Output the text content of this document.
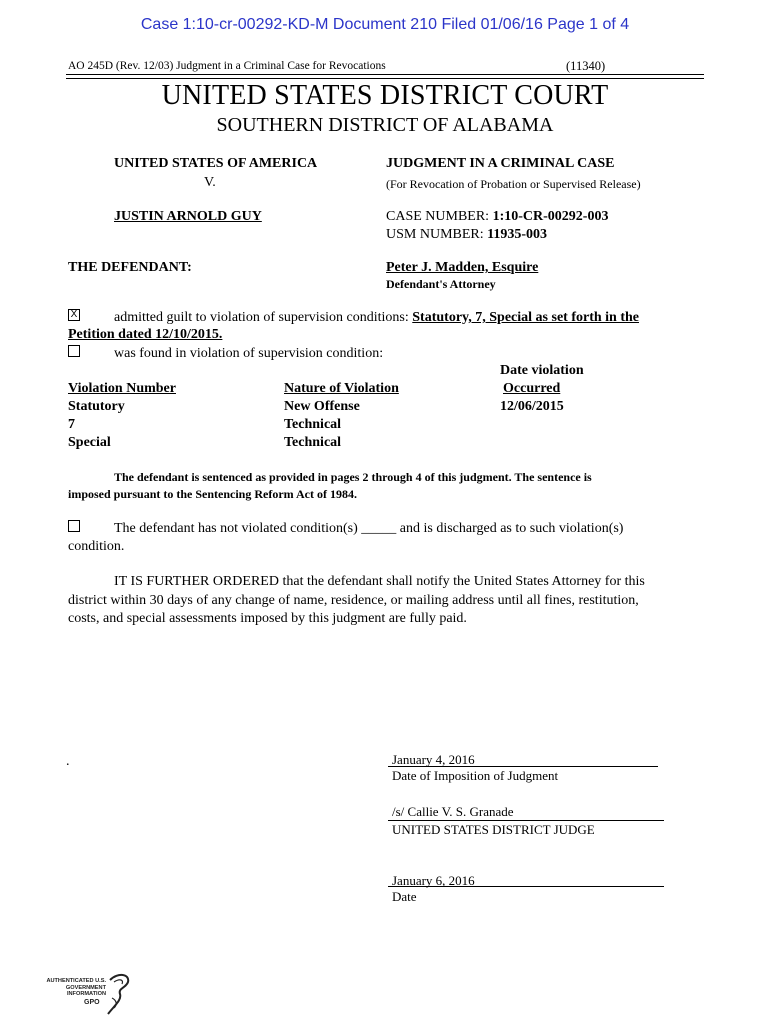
Case 1:10-cr-00292-KD-M Document 210 Filed 01/06/16 Page 1 of 4
AO 245D (Rev. 12/03) Judgment in a Criminal Case for Revocations	(11340)
UNITED STATES DISTRICT COURT
SOUTHERN DISTRICT OF ALABAMA
UNITED STATES OF AMERICA
V.
JUSTIN ARNOLD GUY
THE DEFENDANT:
JUDGMENT IN A CRIMINAL CASE
(For Revocation of Probation or Supervised Release)
CASE NUMBER: 1:10-CR-00292-003
USM NUMBER: 11935-003
Peter J. Madden, Esquire
Defendant's Attorney
X	admitted guilt to violation of supervision conditions: Statutory, 7, Special as set forth in the
Petition dated 12/10/2015.
was found in violation of supervision condition:
Date violation
Violation Number	Nature of Violation	Occurred
Statutory	New Offense	12/06/2015
7	Technical
Special	Technical
The defendant is sentenced as provided in pages 2 through 4 of this judgment. The sentence is
imposed pursuant to the Sentencing Reform Act of 1984.
The defendant has not violated condition(s) _____ and is discharged as to such violation(s)
condition.
IT IS FURTHER ORDERED that the defendant shall notify the United States Attorney for this
district within 30 days of any change of name, residence, or mailing address until all fines, restitution,
costs, and special assessments imposed by this judgment are fully paid.
.	January 4, 2016
Date of Imposition of Judgment
/s/ Callie V. S. Granade
UNITED STATES DISTRICT JUDGE
January 6, 2016
Date
AUTHENTICATED U.S. GOVERNMENT INFORMATION
GPO
